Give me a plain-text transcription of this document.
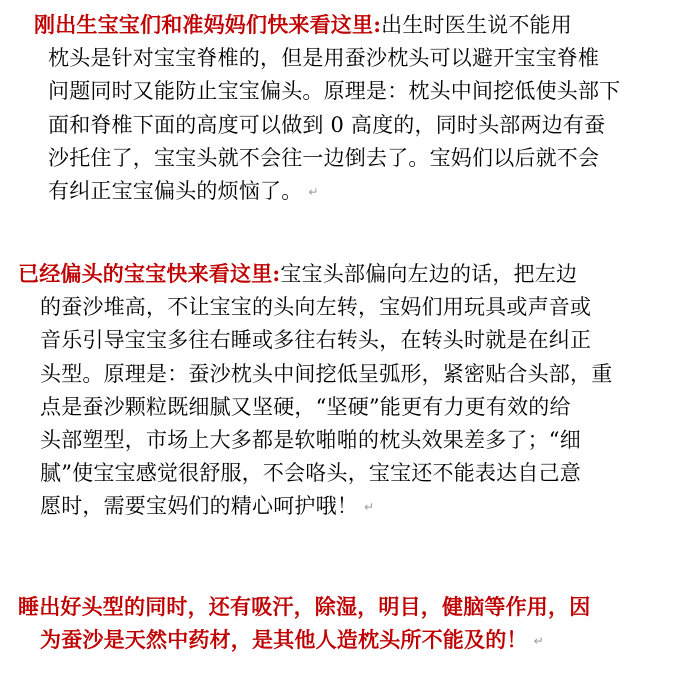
刚出生宝宝们和准妈妈们快来看这里:出生时医生说不能用
枕头是针对宝宝脊椎的，但是用蚕沙枕头可以避开宝宝脊椎
问题同时又能防止宝宝偏头。原理是：枕头中间挖低使头部下
面和脊椎下面的高度可以做到 0 高度的，同时头部两边有蚕
沙托住了，宝宝头就不会往一边倒去了。宝妈们以后就不会
有纠正宝宝偏头的烦恼了。 ↵
已经偏头的宝宝快来看这里:宝宝头部偏向左边的话，把左边
的蚕沙堆高，不让宝宝的头向左转，宝妈们用玩具或声音或
音乐引导宝宝多往右睡或多往右转头，在转头时就是在纠正
头型。原理是：蚕沙枕头中间挖低呈弧形，紧密贴合头部，重
点是蚕沙颗粒既细腻又坚硬，“坚硬”能更有力更有效的给
头部塑型，市场上大多都是软啪啪的枕头效果差多了；“细
腻”使宝宝感觉很舒服，不会咯头，宝宝还不能表达自己意
愿时，需要宝妈们的精心呵护哦！ ↵
睡出好头型的同时，还有吸汗，除湿，明目，健脑等作用，因
为蚕沙是天然中药材，是其他人造枕头所不能及的！ ↵
